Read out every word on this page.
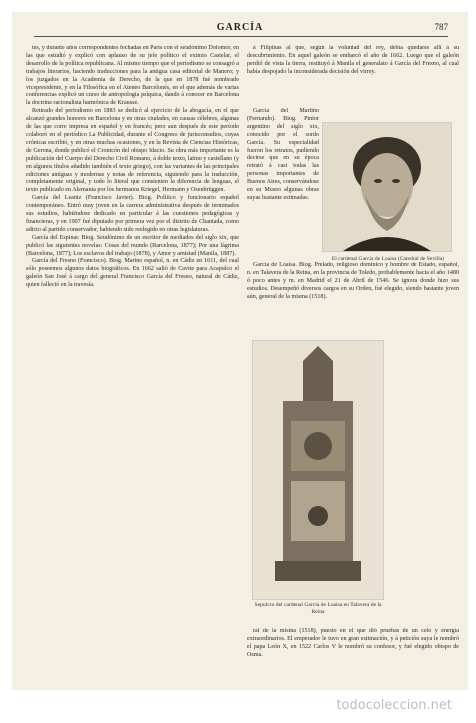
GARCÍA	787

tes, y durante años correspondentes fechadas en París con el seudónimo Dolomor, en las que estudió y explicó con aplauso de su jefe político el eximio Castelar, el desarrollo de la política republicana. Al mismo tiempo que el periodismo se consagró a trabajos literarios, haciendo traducciones para la antigua casa editorial de Manero; y los juzgados en la Academia de Derecho, de la que en 1878 fué nombrado vicepresidente, y en la Filosófica en el Ateneo Barcelonés, en el que además de varias conferencias explicó un curso de antropología psíquica, dando á conocer en Barcelona la doctrina racionalista harmónica de Krausse.

Retirado del periodismo en 1883 se dedicó al ejercicio de la abogacía, en el que alcanzó grandes honores en Barcelona y en otras ciudades, en causas célebres, algunas de las que corre impresa en español y en francés; pero aun después de este período colaboró en el periódico La Publicidad, durante el Congreso de jurisconsultos, cuyas crónicas escribió, y en otras muchas ocasiones, y en la Revista de Ciencias Históricas, de Gerona, donde publicó el Cronicón del obispo Idacio. Su obra más importante es la publicación del Cuerpo del Derecho Civil Romano, á doble texto, latino y castellano (y en algunos títulos añadido también el texto griego), con las variantes de las principales ediciones antiguas y modernas y notas de referencia, siguiendo para la traducción, completamente original, y todo lo literal que consienten la diferencia de lenguas, el texto publicado en Alemania por los hermanos Kriegel, Hermann y Osenbrüggen.

García del Leaniz (Francisco Javier). Biog. Político y funcionario español contemporáneo. Entró muy joven en la carrera administrativa después de terminados sus estudios, habiéndose dedicado en particular á las cuestiones pedagógicas y financieras, y en 1907 fué diputado por primera vez por el distrito de Chantada, como adicto al partido conservador, habiendo sido reelegido en otras legislaturas.

García del Espinar. Biog. Seudónimo de un escritor de mediados del siglo xix, que publicó las siguientes novelas: Cosas del mundo (Barcelona, 1877); Por una lágrima (Barcelona, 1877); Los esclavos del trabajo (1878), y Amor y amistad (Manila, 1887).

García del Fresno (Francisco). Biog. Marino español, n. en Cádiz en 1611, del cual sólo poseemos algunos datos biográficos. En 1662 salió de Cavite para Acapulco el galeón San José á cargo del general Francisco García del Fresno, natural de Cádiz, quien falleció en la travesía.

á Filipinas al que, según la voluntad del rey, debía quedarse allí á su descubrimiento. En aquel galeón se embarcó el año de 1662. Luego que el galeón perdió de vista la tierra, restituyó á Manila el generalato á García del Fresno, al cual había despojado la inconsiderada decisión del virrey.

García del Martino (Fernando). Biog. Pintor argentino del siglo xix, conocido por el sordo García. Su especialidad fueron los retratos, pudiendo decirse que en su época retrató á casi todas las personas importantes de Buenos Aires, conservándose en su Museo algunas obras suyas bastante estimadas.

El cardenal García de Loaisa (Catedral de Sevilla)

García de Loaisa. Biog. Prelado, religioso dominico y hombre de Estado, español, n. en Talavera de la Reina, en la provincia de Toledo, probablemente hacia el año 1480 ó poco antes y m. en Madrid el 21 de Abril de 1546. Se ignora donde hizo sus estudios. Desempeñó diversos cargos en su Orden, fué elegido, siendo bastante joven aún, general de la misma (1518).

Sepulcro del cardenal García de Loaisa en Talavera de la Reina

ral de la misma (1518), puesto en el que dió pruebas de un celo y energía extraordinarios. El emperador le tuvo en gran estimación, y á petición suya le nombró el papa León X, en 1522 Carlos V le nombró su confesor, y fué elegido obispo de Osma.

todocoleccion.net
